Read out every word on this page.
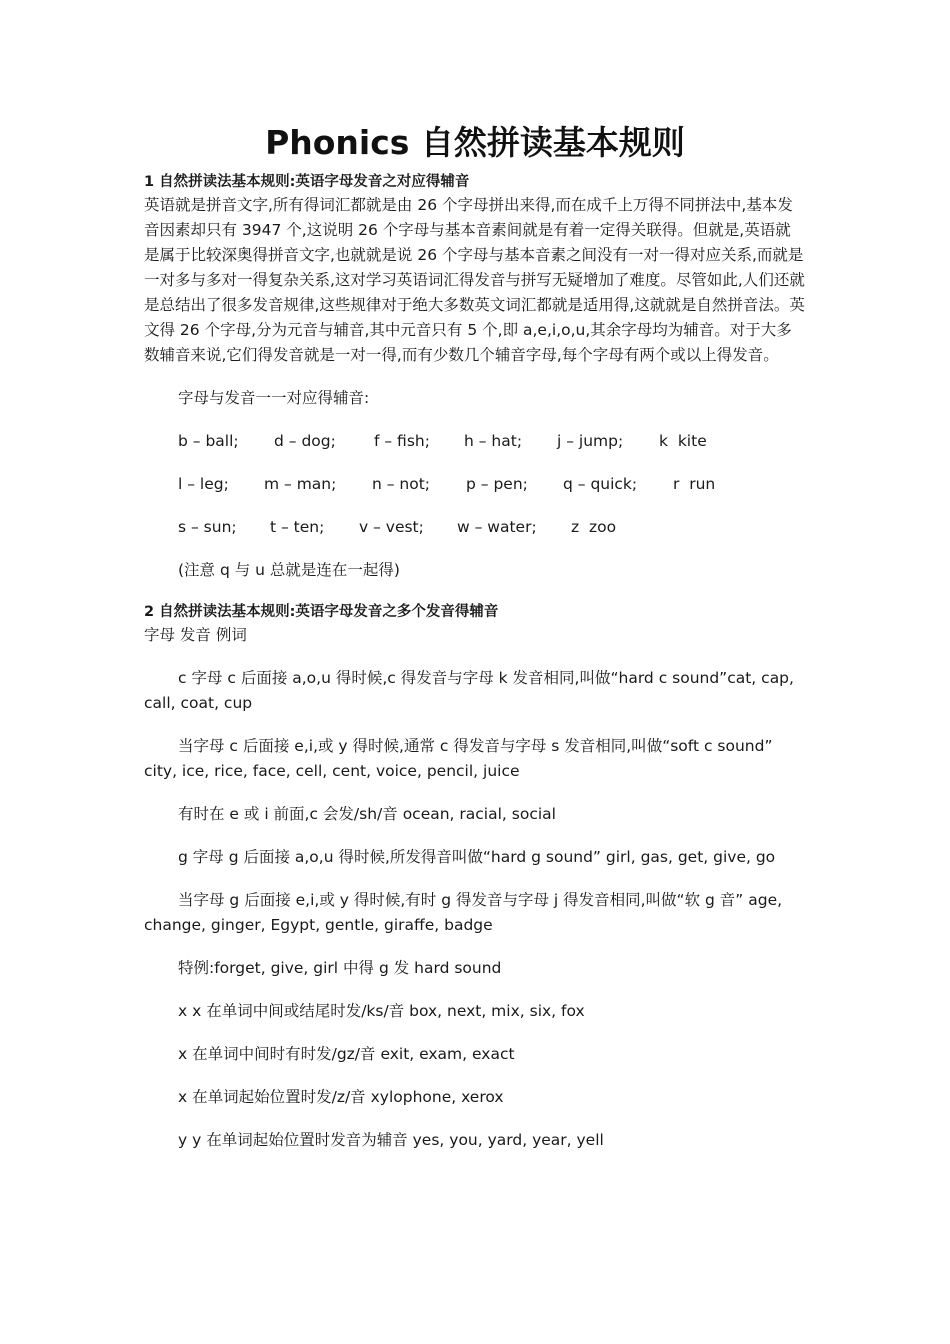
Phonics 自然拼读基本规则

1 自然拼读法基本规则:英语字母发音之对应得辅音

英语就是拼音文字,所有得词汇都就是由 26 个字母拼出来得,而在成千上万得不同拼法中,基本发音因素却只有 3947 个,这说明 26 个字母与基本音素间就是有着一定得关联得。但就是,英语就是属于比较深奥得拼音文字,也就就是说 26 个字母与基本音素之间没有一对一得对应关系,而就是一对多与多对一得复杂关系,这对学习英语词汇得发音与拼写无疑增加了难度。尽管如此,人们还就是总结出了很多发音规律,这些规律对于绝大多数英文词汇都就是适用得,这就就是自然拼音法。英文得 26 个字母,分为元音与辅音,其中元音只有 5 个,即 a,e,i,o,u,其余字母均为辅音。对于大多数辅音来说,它们得发音就是一对一得,而有少数几个辅音字母,每个字母有两个或以上得发音。

字母与发音一一对应得辅音:

b – ball;	d – dog;	f – fish;	h – hat;	j – jump;	k  kite
l – leg;	m – man;	n – not;	p – pen;	q – quick;	r  run
s – sun;	t – ten;	v – vest;	w – water;	z  zoo

(注意 q 与 u 总就是连在一起得)

2 自然拼读法基本规则:英语字母发音之多个发音得辅音

字母 发音 例词

c 字母 c 后面接 a,o,u 得时候,c 得发音与字母 k 发音相同,叫做“hard c sound”cat, cap, call, coat, cup

当字母 c 后面接 e,i,或 y 得时候,通常 c 得发音与字母 s 发音相同,叫做“soft c sound” city, ice, rice, face, cell, cent, voice, pencil, juice

有时在 e 或 i 前面,c 会发/sh/音 ocean, racial, social

g 字母 g 后面接 a,o,u 得时候,所发得音叫做“hard g sound” girl, gas, get, give, go

当字母 g 后面接 e,i,或 y 得时候,有时 g 得发音与字母 j 得发音相同,叫做“软 g 音” age, change, ginger, Egypt, gentle, giraffe, badge

特例:forget, give, girl 中得 g 发 hard sound

x x 在单词中间或结尾时发/ks/音 box, next, mix, six, fox

x 在单词中间时有时发/gz/音 exit, exam, exact

x 在单词起始位置时发/z/音 xylophone, xerox

y y 在单词起始位置时发音为辅音 yes, you, yard, year, yell
